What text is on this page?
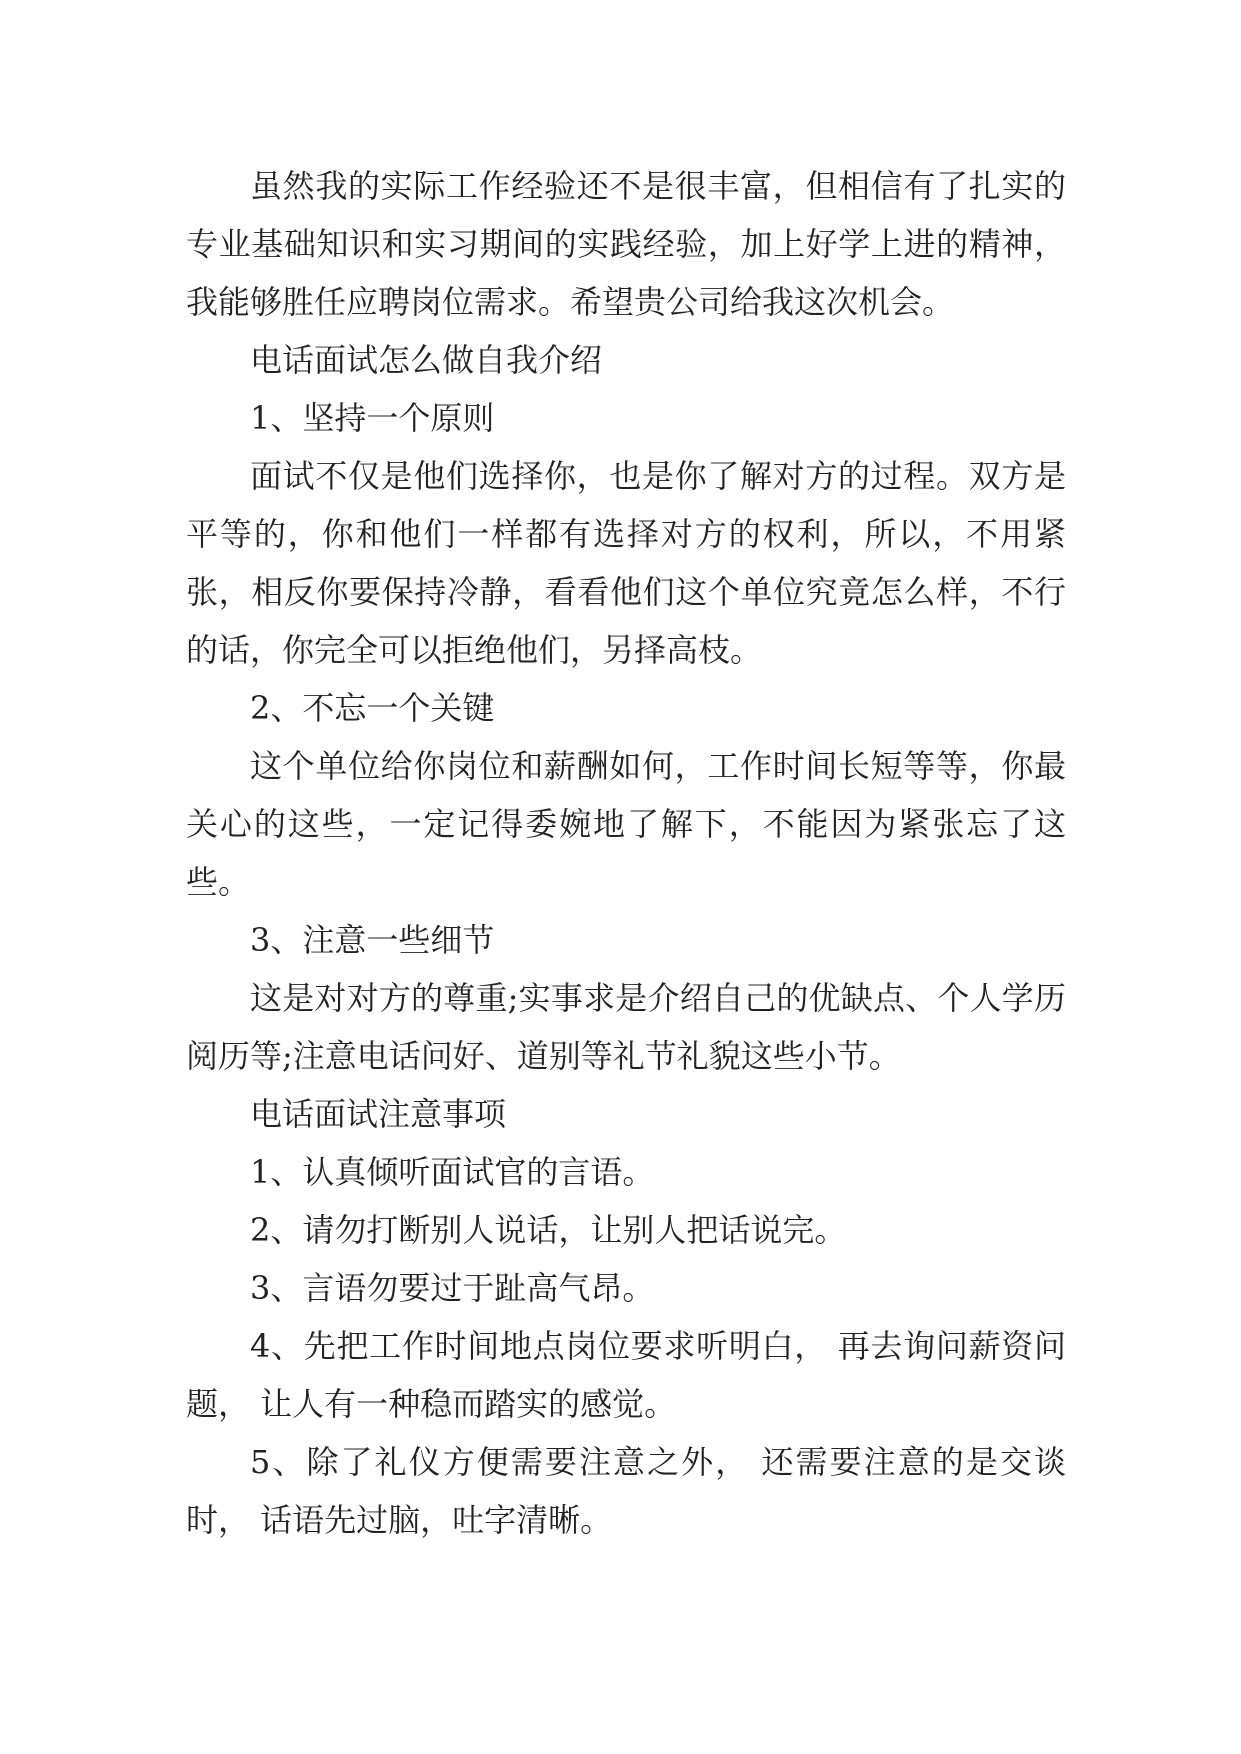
虽然我的实际工作经验还不是很丰富，但相信有了扎实的专业基础知识和实习期间的实践经验，加上好学上进的精神，我能够胜任应聘岗位需求。希望贵公司给我这次机会。

电话面试怎么做自我介绍

1、坚持一个原则

面试不仅是他们选择你，也是你了解对方的过程。双方是平等的，你和他们一样都有选择对方的权利，所以，不用紧张，相反你要保持冷静，看看他们这个单位究竟怎么样，不行的话，你完全可以拒绝他们，另择高枝。

2、不忘一个关键

这个单位给你岗位和薪酬如何，工作时间长短等等，你最关心的这些，一定记得委婉地了解下，不能因为紧张忘了这些。

3、注意一些细节

这是对对方的尊重;实事求是介绍自己的优缺点、个人学历阅历等;注意电话问好、道别等礼节礼貌这些小节。

电话面试注意事项

1、认真倾听面试官的言语。

2、请勿打断别人说话，让别人把话说完。

3、言语勿要过于趾高气昂。

4、先把工作时间地点岗位要求听明白， 再去询问薪资问题， 让人有一种稳而踏实的感觉。

5、除了礼仪方便需要注意之外， 还需要注意的是交谈时， 话语先过脑，吐字清晰。
